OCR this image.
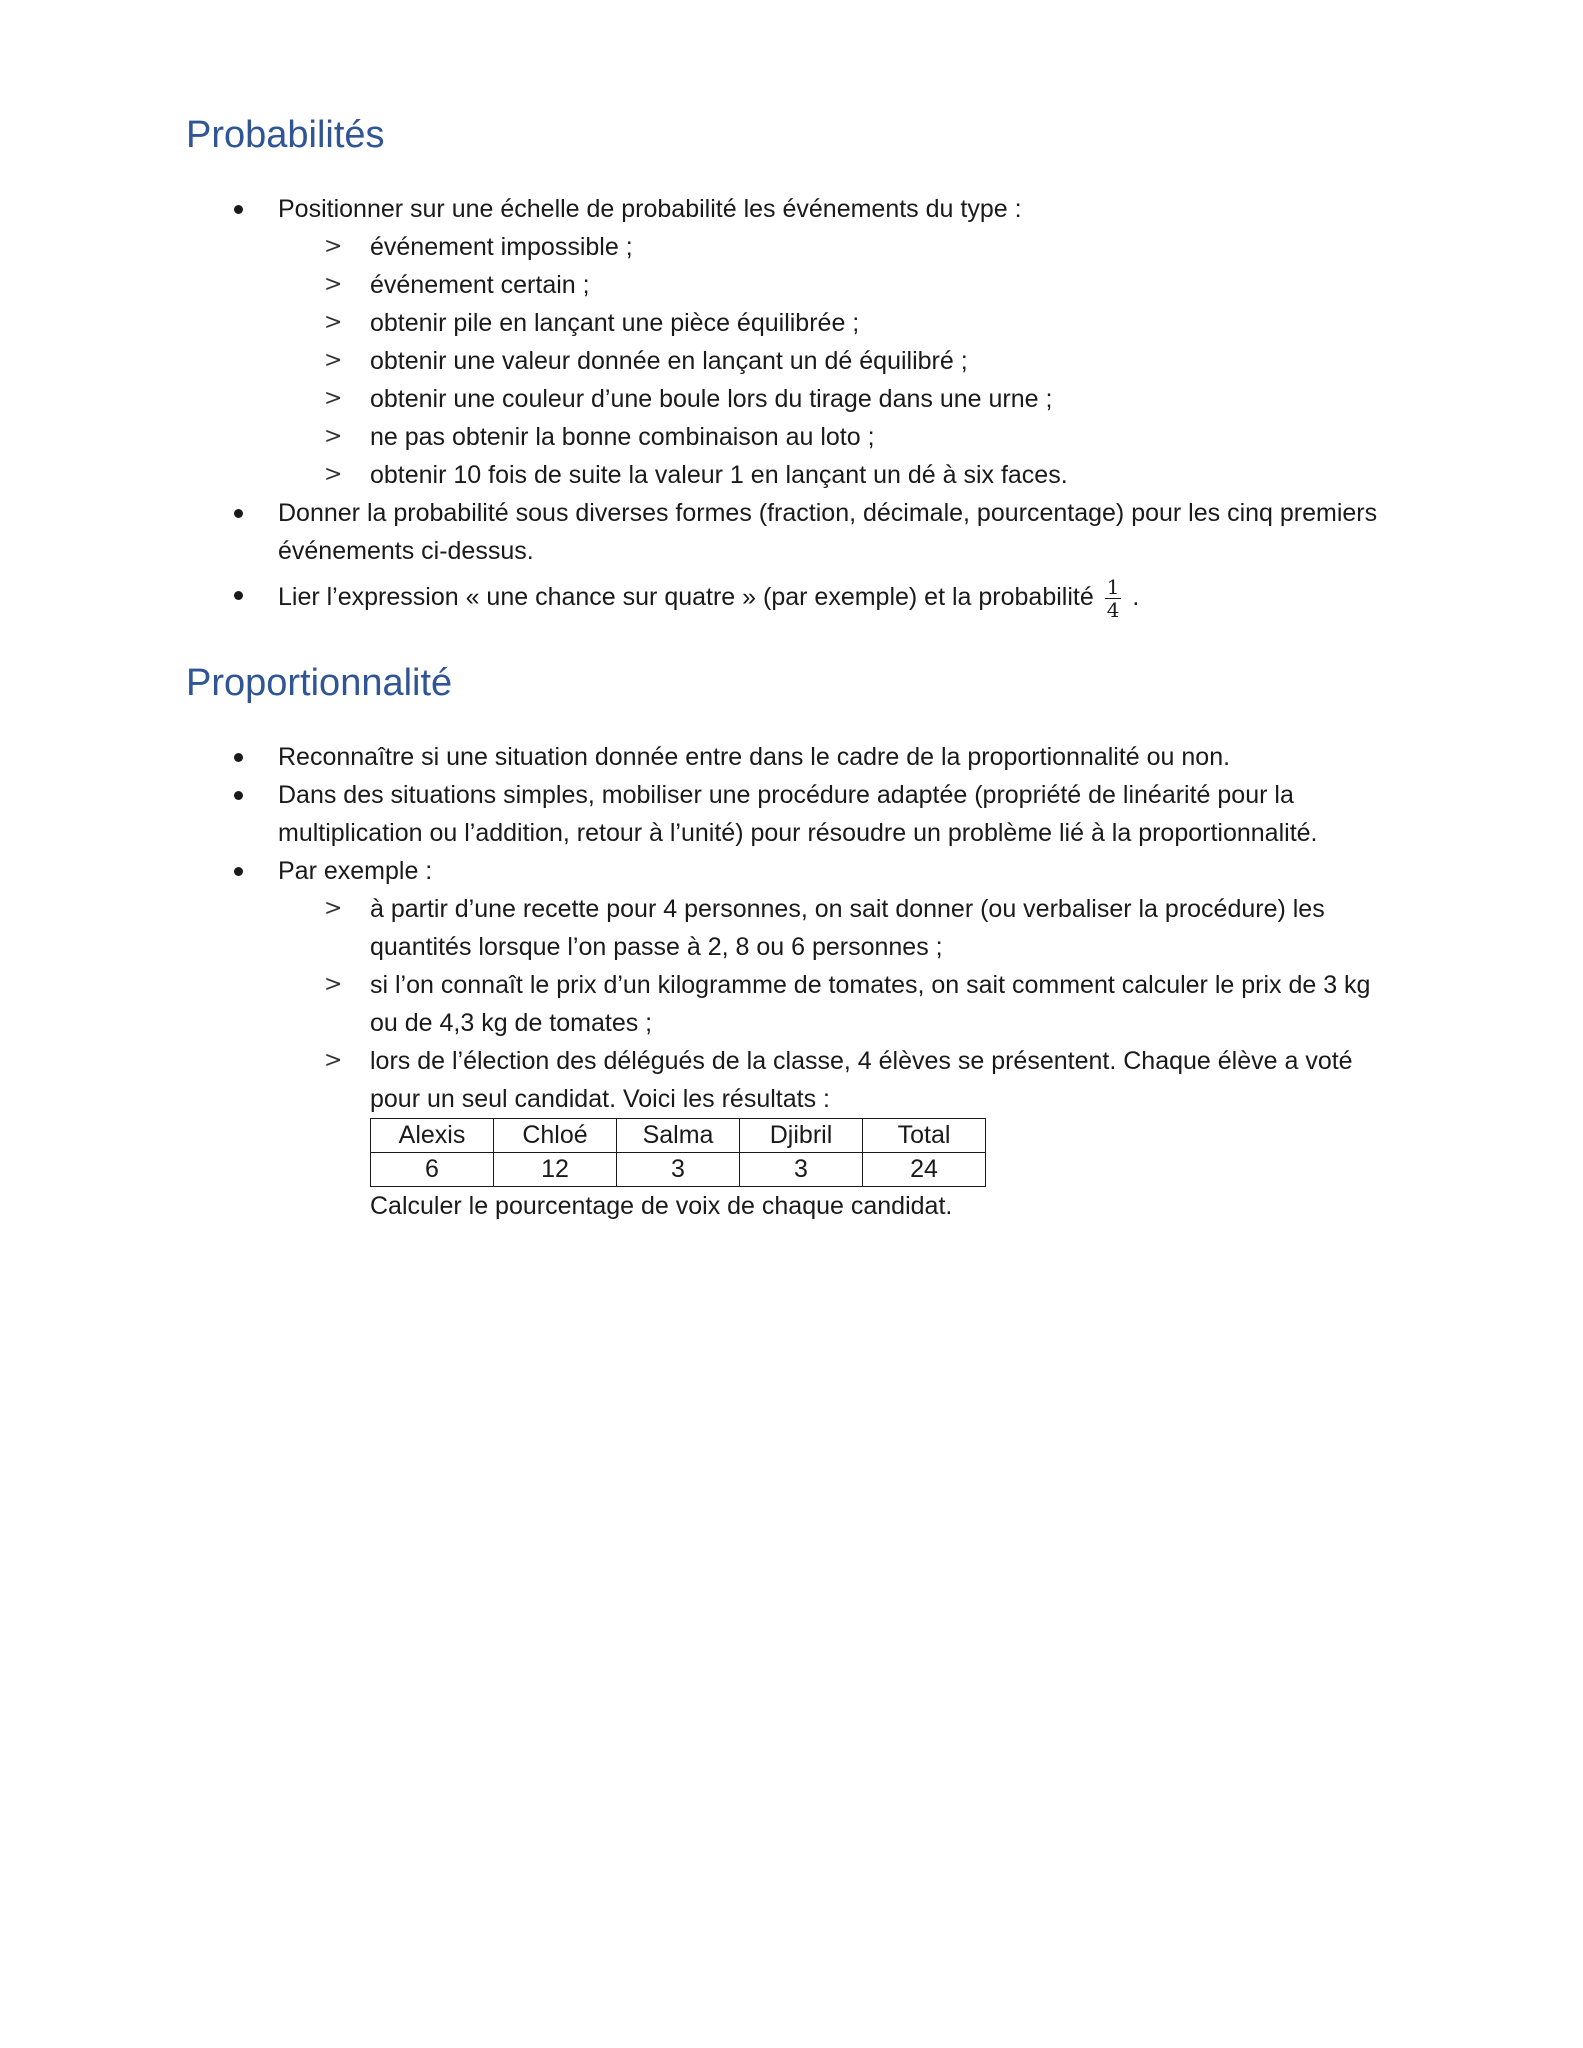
Probabilités
Positionner sur une échelle de probabilité les événements du type :
> événement impossible ;
> événement certain ;
> obtenir pile en lançant une pièce équilibrée ;
> obtenir une valeur donnée en lançant un dé équilibré ;
> obtenir une couleur d’une boule lors du tirage dans une urne ;
> ne pas obtenir la bonne combinaison au loto ;
> obtenir 10 fois de suite la valeur 1 en lançant un dé à six faces.
Donner la probabilité sous diverses formes (fraction, décimale, pourcentage) pour les cinq premiers événements ci-dessus.
Lier l’expression « une chance sur quatre » (par exemple) et la probabilité $\frac{1}{4}$ .
Proportionnalité
Reconnaître si une situation donnée entre dans le cadre de la proportionnalité ou non.
Dans des situations simples, mobiliser une procédure adaptée (propriété de linéarité pour la multiplication ou l’addition, retour à l’unité) pour résoudre un problème lié à la proportionnalité.
Par exemple :
> à partir d’une recette pour 4 personnes, on sait donner (ou verbaliser la procédure) les quantités lorsque l’on passe à 2, 8 ou 6 personnes ;
> si l’on connaît le prix d’un kilogramme de tomates, on sait comment calculer le prix de 3 kg ou de 4,3 kg de tomates ;
> lors de l’élection des délégués de la classe, 4 élèves se présentent. Chaque élève a voté pour un seul candidat. Voici les résultats :
Alexis	Chloé	Salma	Djibril	Total
6	12	3	3	24
Calculer le pourcentage de voix de chaque candidat.
